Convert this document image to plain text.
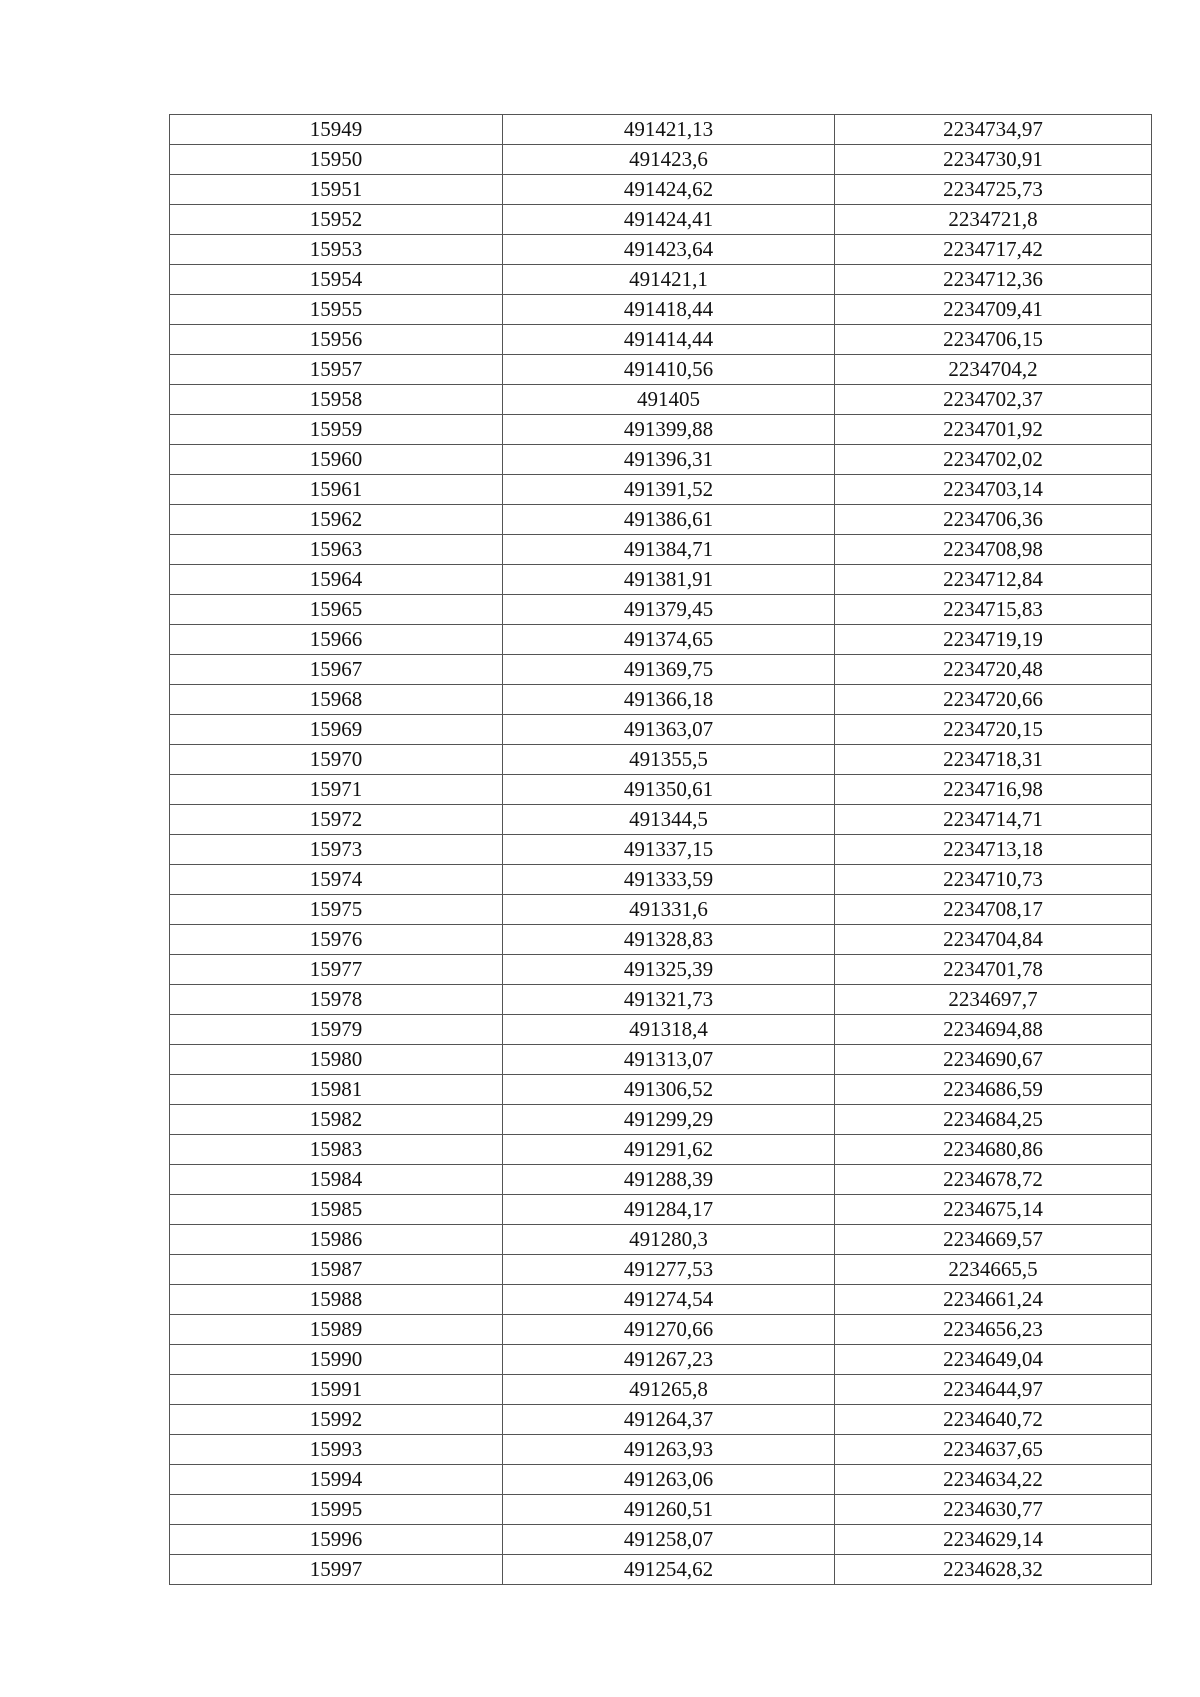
15949	491421,13	2234734,97
15950	491423,6	2234730,91
15951	491424,62	2234725,73
15952	491424,41	2234721,8
15953	491423,64	2234717,42
15954	491421,1	2234712,36
15955	491418,44	2234709,41
15956	491414,44	2234706,15
15957	491410,56	2234704,2
15958	491405	2234702,37
15959	491399,88	2234701,92
15960	491396,31	2234702,02
15961	491391,52	2234703,14
15962	491386,61	2234706,36
15963	491384,71	2234708,98
15964	491381,91	2234712,84
15965	491379,45	2234715,83
15966	491374,65	2234719,19
15967	491369,75	2234720,48
15968	491366,18	2234720,66
15969	491363,07	2234720,15
15970	491355,5	2234718,31
15971	491350,61	2234716,98
15972	491344,5	2234714,71
15973	491337,15	2234713,18
15974	491333,59	2234710,73
15975	491331,6	2234708,17
15976	491328,83	2234704,84
15977	491325,39	2234701,78
15978	491321,73	2234697,7
15979	491318,4	2234694,88
15980	491313,07	2234690,67
15981	491306,52	2234686,59
15982	491299,29	2234684,25
15983	491291,62	2234680,86
15984	491288,39	2234678,72
15985	491284,17	2234675,14
15986	491280,3	2234669,57
15987	491277,53	2234665,5
15988	491274,54	2234661,24
15989	491270,66	2234656,23
15990	491267,23	2234649,04
15991	491265,8	2234644,97
15992	491264,37	2234640,72
15993	491263,93	2234637,65
15994	491263,06	2234634,22
15995	491260,51	2234630,77
15996	491258,07	2234629,14
15997	491254,62	2234628,32
